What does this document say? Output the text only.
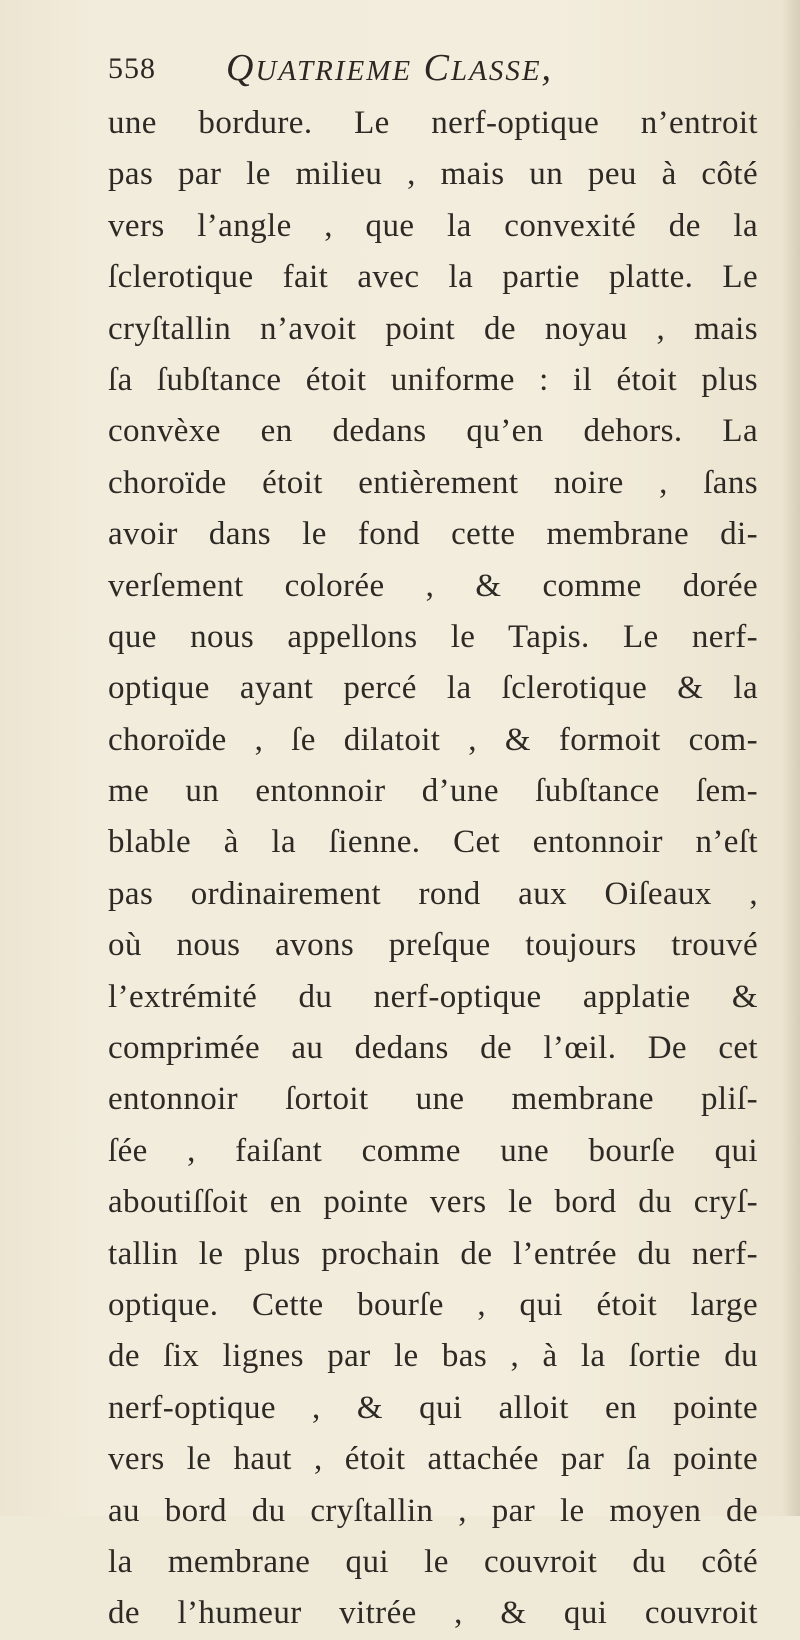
558 QUATRIEME CLASSE,
une bordure. Le nerf-optique n’entroit
pas par le milieu , mais un peu à côté
vers l’angle , que la convexité de la
ſclerotique fait avec la partie platte. Le
cryſtallin n’avoit point de noyau , mais
ſa ſubſtance étoit uniforme : il étoit plus
convèxe en dedans qu’en dehors. La
choroïde étoit entièrement noire , ſans
avoir dans le fond cette membrane di-
verſement colorée , & comme dorée
que nous appellons le Tapis. Le nerf-
optique ayant percé la ſclerotique & la
choroïde , ſe dilatoit , & formoit com-
me un entonnoir d’une ſubſtance ſem-
blable à la ſienne. Cet entonnoir n’eſt
pas ordinairement rond aux Oiſeaux ,
où nous avons preſque toujours trouvé
l’extrémité du nerf-optique applatie &
comprimée au dedans de l’œil. De cet
entonnoir ſortoit une membrane pliſ-
ſée , faiſant comme une bourſe qui
aboutiſſoit en pointe vers le bord du cryſ-
tallin le plus prochain de l’entrée du nerf-
optique. Cette bourſe , qui étoit large
de ſix lignes par le bas , à la ſortie du
nerf-optique , & qui alloit en pointe
vers le haut , étoit attachée par ſa pointe
au bord du cryſtallin , par le moyen de
la membrane qui le couvroit du côté
de l’humeur vitrée , & qui couvroit
